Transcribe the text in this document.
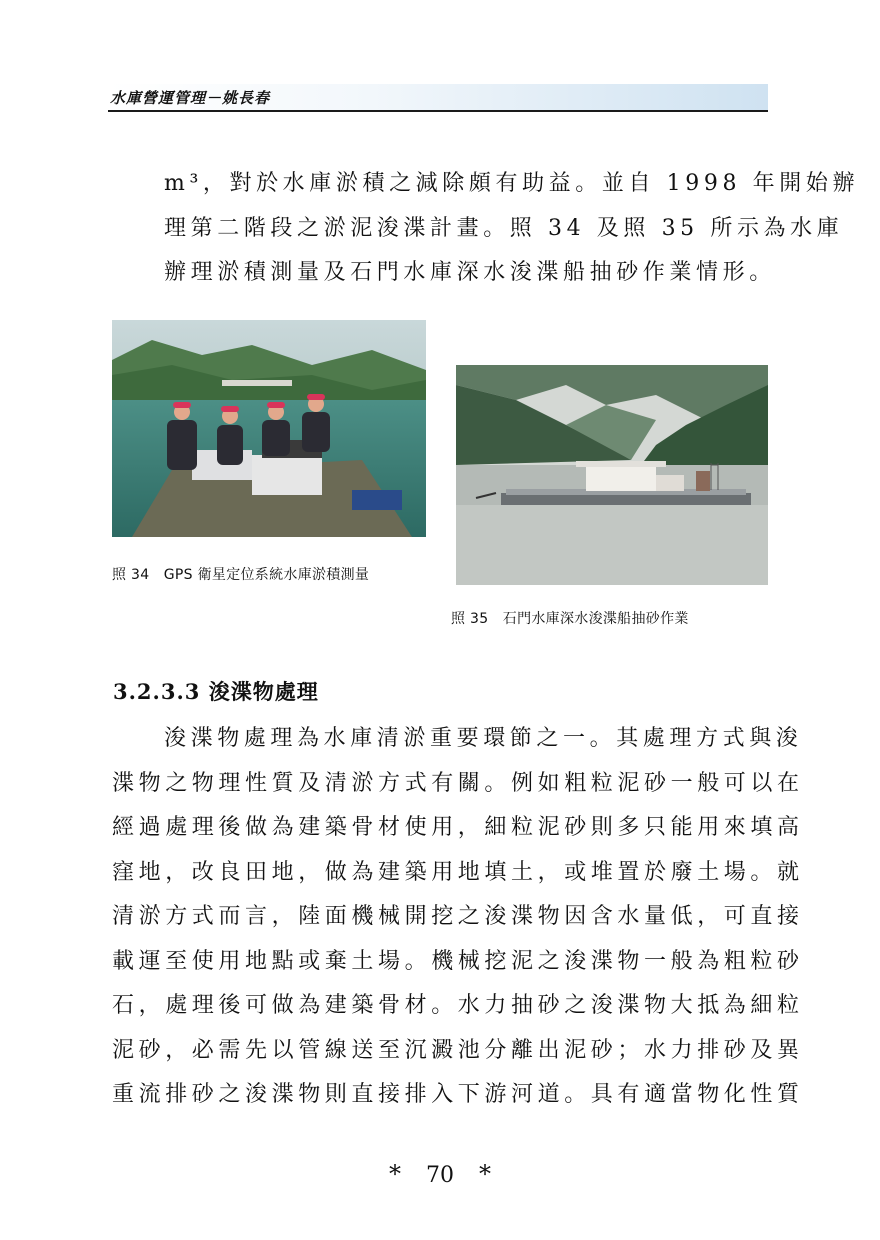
水庫營運管理－姚長春
m³，對於水庫淤積之減除頗有助益。並自 1998 年開始辦
理第二階段之淤泥浚渫計畫。照 34 及照 35 所示為水庫
辦理淤積測量及石門水庫深水浚渫船抽砂作業情形。
照 34　GPS 衛星定位系統水庫淤積測量
照 35　石門水庫深水浚渫船抽砂作業
3.2.3.3 浚渫物處理
浚渫物處理為水庫清淤重要環節之一。其處理方式與浚
渫物之物理性質及清淤方式有關。例如粗粒泥砂一般可以在
經過處理後做為建築骨材使用，細粒泥砂則多只能用來填高
窪地，改良田地，做為建築用地填土，或堆置於廢土場。就
清淤方式而言，陸面機械開挖之浚渫物因含水量低，可直接
載運至使用地點或棄土場。機械挖泥之浚渫物一般為粗粒砂
石，處理後可做為建築骨材。水力抽砂之浚渫物大抵為細粒
泥砂，必需先以管線送至沉澱池分離出泥砂；水力排砂及異
重流排砂之浚渫物則直接排入下游河道。具有適當物化性質
* 70 *
